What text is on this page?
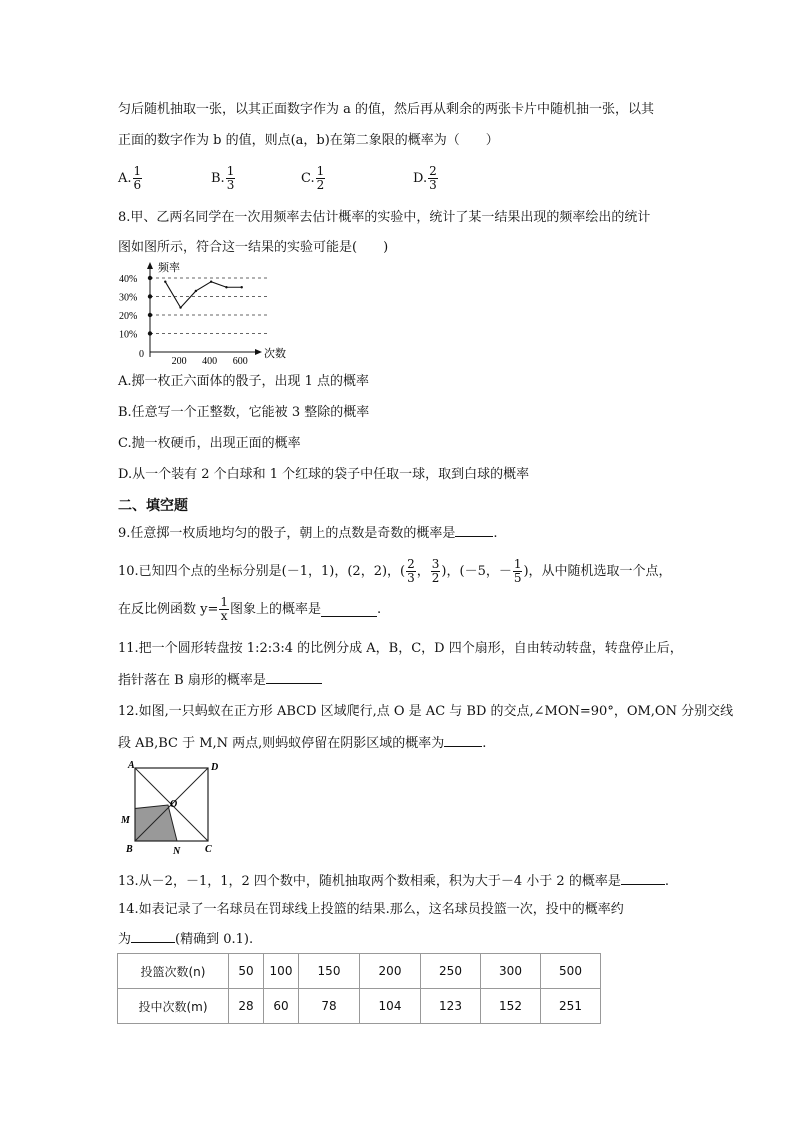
匀后随机抽取一张，以其正面数字作为 a 的值，然后再从剩余的两张卡片中随机抽一张，以其
正面的数字作为 b 的值，则点(a，b)在第二象限的概率为（　　）
A. $\frac{1}{6}$	B. $\frac{1}{3}$	C. $\frac{1}{2}$	D. $\frac{2}{3}$
8.甲、乙两名同学在一次用频率去估计概率的实验中，统计了某一结果出现的频率绘出的统计
图如图所示，符合这一结果的实验可能是(　　)
频率
次数
0
40%
30%
20%
10%
200 400 600
A.掷一枚正六面体的骰子，出现 1 点的概率
B.任意写一个正整数，它能被 3 整除的概率
C.抛一枚硬币，出现正面的概率
D.从一个装有 2 个白球和 1 个红球的袋子中任取一球，取到白球的概率
二、填空题
9.任意掷一枚质地均匀的骰子，朝上的点数是奇数的概率是	.
10.已知四个点的坐标分别是(－1，1)，(2，2)，( $\frac{2}{3}$ ， $\frac{3}{2}$ )，(－5，－ $\frac{1}{5}$ )，从中随机选取一个点，
在反比例函数 $y= \frac{1}{x}$ 图象上的概率是	.
11.把一个圆形转盘按 1:2:3:4 的比例分成 A，B，C，D 四个扇形，自由转动转盘，转盘停止后，
指针落在 B 扇形的概率是
12.如图,一只蚂蚁在正方形 ABCD 区域爬行,点 O 是 AC 与 BD 的交点,∠MON=90°，OM,ON 分别交线
段 AB,BC 于 M,N 两点,则蚂蚁停留在阴影区域的概率为	.
A	D
O
M
B	N C
13.从－2，－1，1，2 四个数中，随机抽取两个数相乘，积为大于－4 小于 2 的概率是	.
14.如表记录了一名球员在罚球线上投篮的结果.那么，这名球员投篮一次，投中的概率约
为	(精确到 0.1).
投篮次数(n)	50	100	150	200	250	300	500
投中次数(m)	28	60	78	104	123	152	251
